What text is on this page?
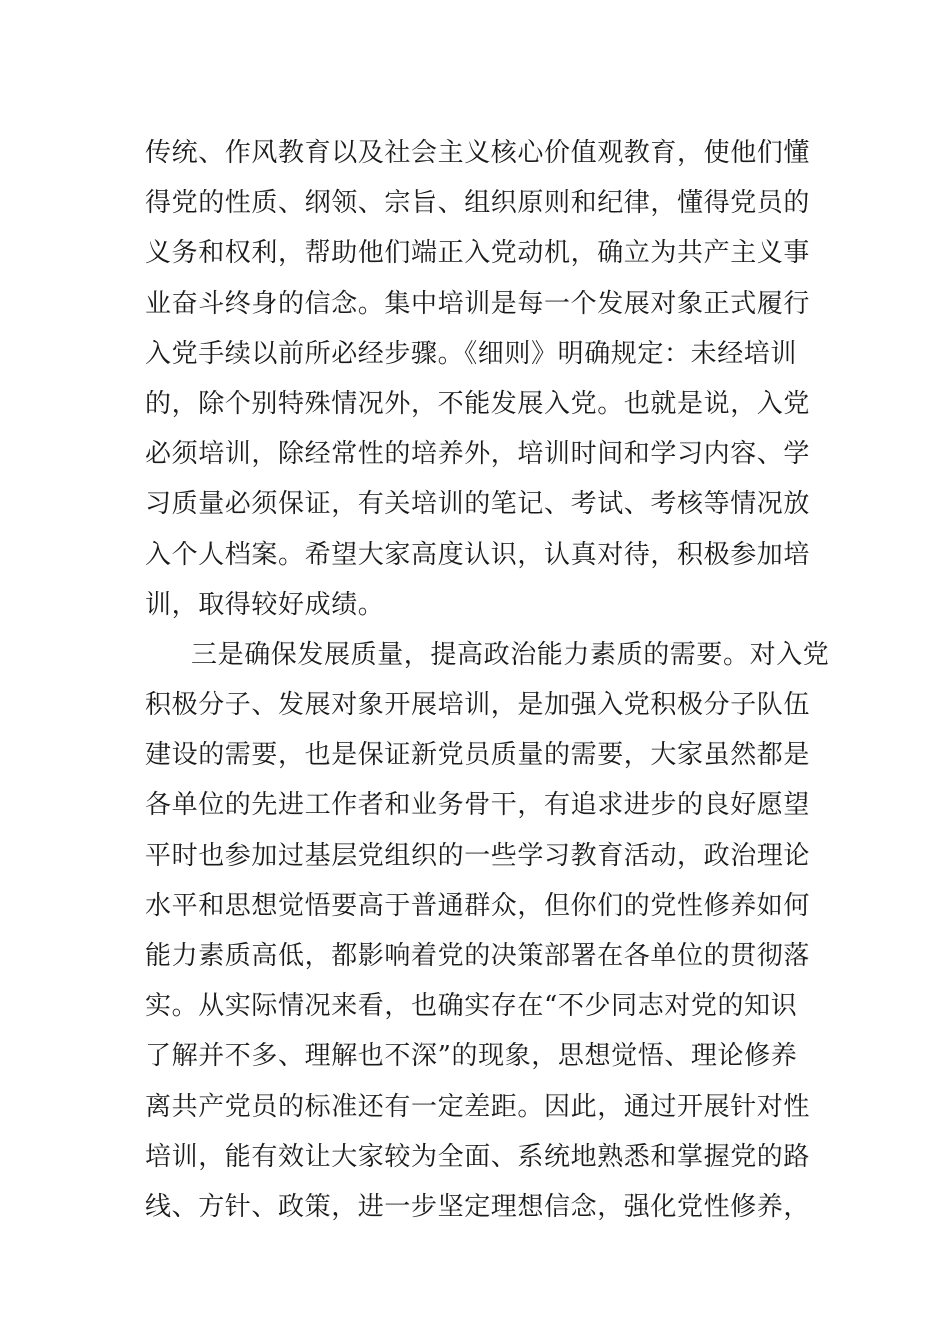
传统、作风教育以及社会主义核心价值观教育，使他们懂
得党的性质、纲领、宗旨、组织原则和纪律，懂得党员的
义务和权利，帮助他们端正入党动机，确立为共产主义事
业奋斗终身的信念。集中培训是每一个发展对象正式履行
入党手续以前所必经步骤。《细则》明确规定：未经培训
的，除个别特殊情况外，不能发展入党。也就是说，入党
必须培训，除经常性的培养外，培训时间和学习内容、学
习质量必须保证，有关培训的笔记、考试、考核等情况放
入个人档案。希望大家高度认识，认真对待，积极参加培
训，取得较好成绩。
三是确保发展质量，提高政治能力素质的需要。对入党
积极分子、发展对象开展培训，是加强入党积极分子队伍
建设的需要，也是保证新党员质量的需要，大家虽然都是
各单位的先进工作者和业务骨干，有追求进步的良好愿望
平时也参加过基层党组织的一些学习教育活动，政治理论
水平和思想觉悟要高于普通群众，但你们的党性修养如何
能力素质高低，都影响着党的决策部署在各单位的贯彻落
实。从实际情况来看，也确实存在“不少同志对党的知识
了解并不多、理解也不深”的现象，思想觉悟、理论修养
离共产党员的标准还有一定差距。因此，通过开展针对性
培训，能有效让大家较为全面、系统地熟悉和掌握党的路
线、方针、政策，进一步坚定理想信念，强化党性修养，
